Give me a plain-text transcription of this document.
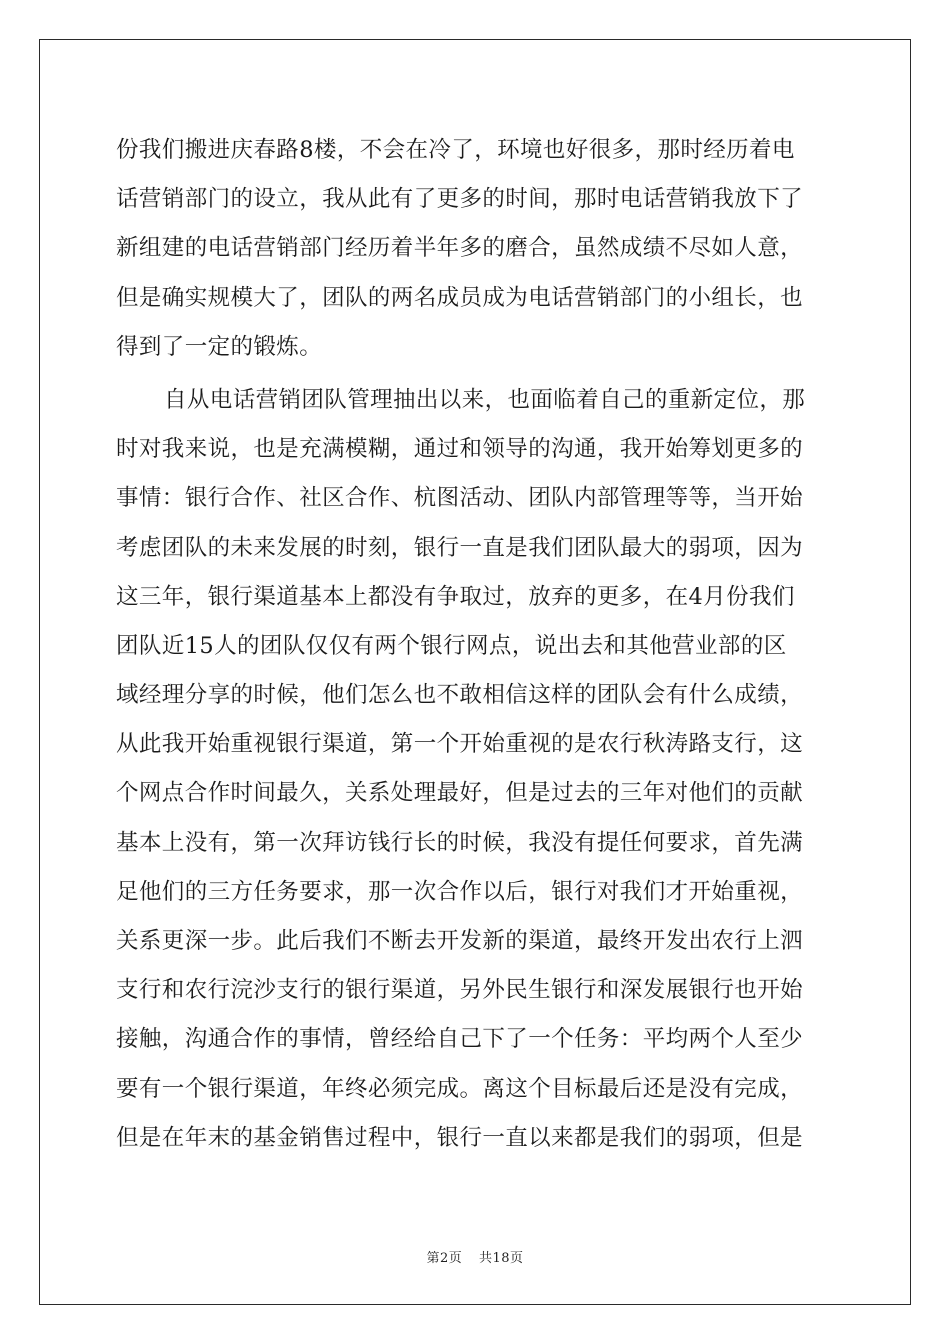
份我们搬进庆春路8楼，不会在冷了，环境也好很多，那时经历着电
话营销部门的设立，我从此有了更多的时间，那时电话营销我放下了
新组建的电话营销部门经历着半年多的磨合，虽然成绩不尽如人意，
但是确实规模大了，团队的两名成员成为电话营销部门的小组长，也
得到了一定的锻炼。
自从电话营销团队管理抽出以来，也面临着自己的重新定位，那
时对我来说，也是充满模糊，通过和领导的沟通，我开始筹划更多的
事情：银行合作、社区合作、杭图活动、团队内部管理等等，当开始
考虑团队的未来发展的时刻，银行一直是我们团队最大的弱项，因为
这三年，银行渠道基本上都没有争取过，放弃的更多，在4月份我们
团队近15人的团队仅仅有两个银行网点，说出去和其他营业部的区
域经理分享的时候，他们怎么也不敢相信这样的团队会有什么成绩，
从此我开始重视银行渠道，第一个开始重视的是农行秋涛路支行，这
个网点合作时间最久，关系处理最好，但是过去的三年对他们的贡献
基本上没有，第一次拜访钱行长的时候，我没有提任何要求，首先满
足他们的三方任务要求，那一次合作以后，银行对我们才开始重视，
关系更深一步。此后我们不断去开发新的渠道，最终开发出农行上泗
支行和农行浣沙支行的银行渠道，另外民生银行和深发展银行也开始
接触，沟通合作的事情，曾经给自己下了一个任务：平均两个人至少
要有一个银行渠道，年终必须完成。离这个目标最后还是没有完成，
但是在年末的基金销售过程中，银行一直以来都是我们的弱项，但是
第2页 共18页
